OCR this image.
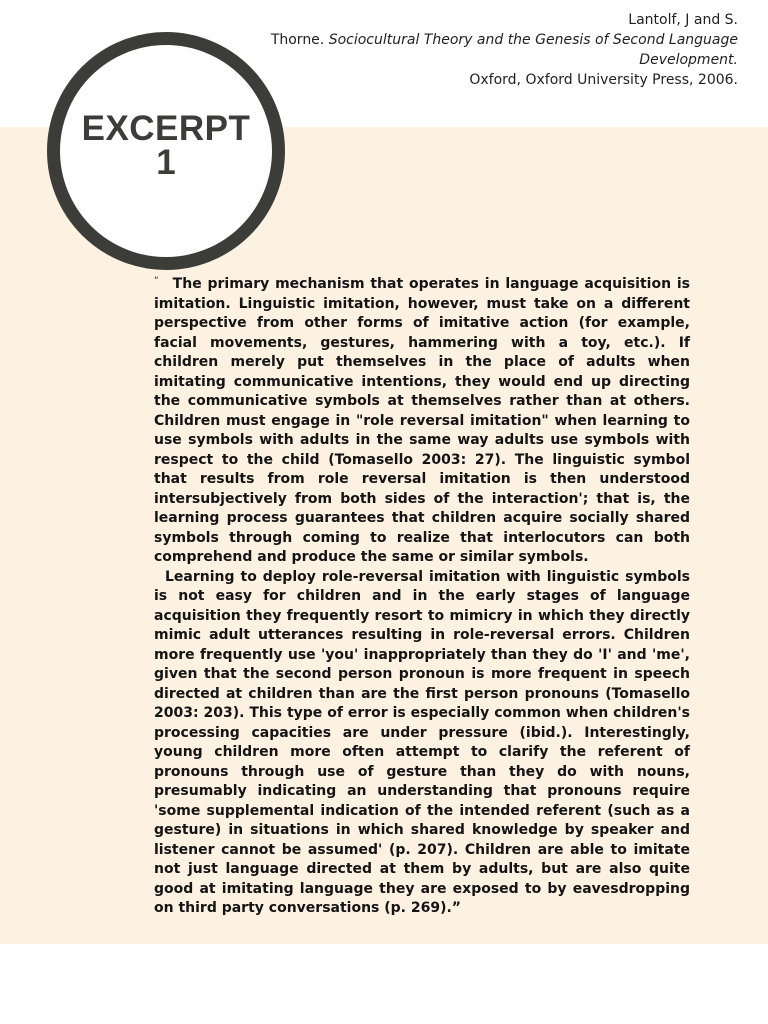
Lantolf, J and S.
Thorne. Sociocultural Theory and the Genesis of Second Language
Development.
Oxford, Oxford University Press, 2006.
EXCERPT
1

“ The primary mechanism that operates in language acquisition is imitation. Linguistic imitation, however, must take on a different perspective from other forms of imitative action (for example, facial movements, gestures, hammering with a toy, etc.). If children merely put themselves in the place of adults when imitating communicative intentions, they would end up directing the communicative symbols at themselves rather than at others. Children must engage in "role reversal imitation" when learning to use symbols with adults in the same way adults use symbols with respect to the child (Tomasello 2003: 27). The linguistic symbol that results from role reversal imitation is then understood intersubjectively from both sides of the interaction'; that is, the learning process guarantees that children acquire socially shared symbols through coming to realize that interlocutors can both comprehend and produce the same or similar symbols.

Learning to deploy role-reversal imitation with linguistic symbols is not easy for children and in the early stages of language acquisition they frequently resort to mimicry in which they directly mimic adult utterances resulting in role-reversal errors. Children more frequently use 'you' inappropriately than they do 'I' and 'me', given that the second person pronoun is more frequent in speech directed at children than are the first person pronouns (Tomasello 2003: 203). This type of error is especially common when children's processing capacities are under pressure (ibid.). Interestingly, young children more often attempt to clarify the referent of pronouns through use of gesture than they do with nouns, presumably indicating an understanding that pronouns require 'some supplemental indication of the intended referent (such as a gesture) in situations in which shared knowledge by speaker and listener cannot be assumed' (p. 207). Children are able to imitate not just language directed at them by adults, but are also quite good at imitating language they are exposed to by eavesdropping on third party conversations (p. 269).”
